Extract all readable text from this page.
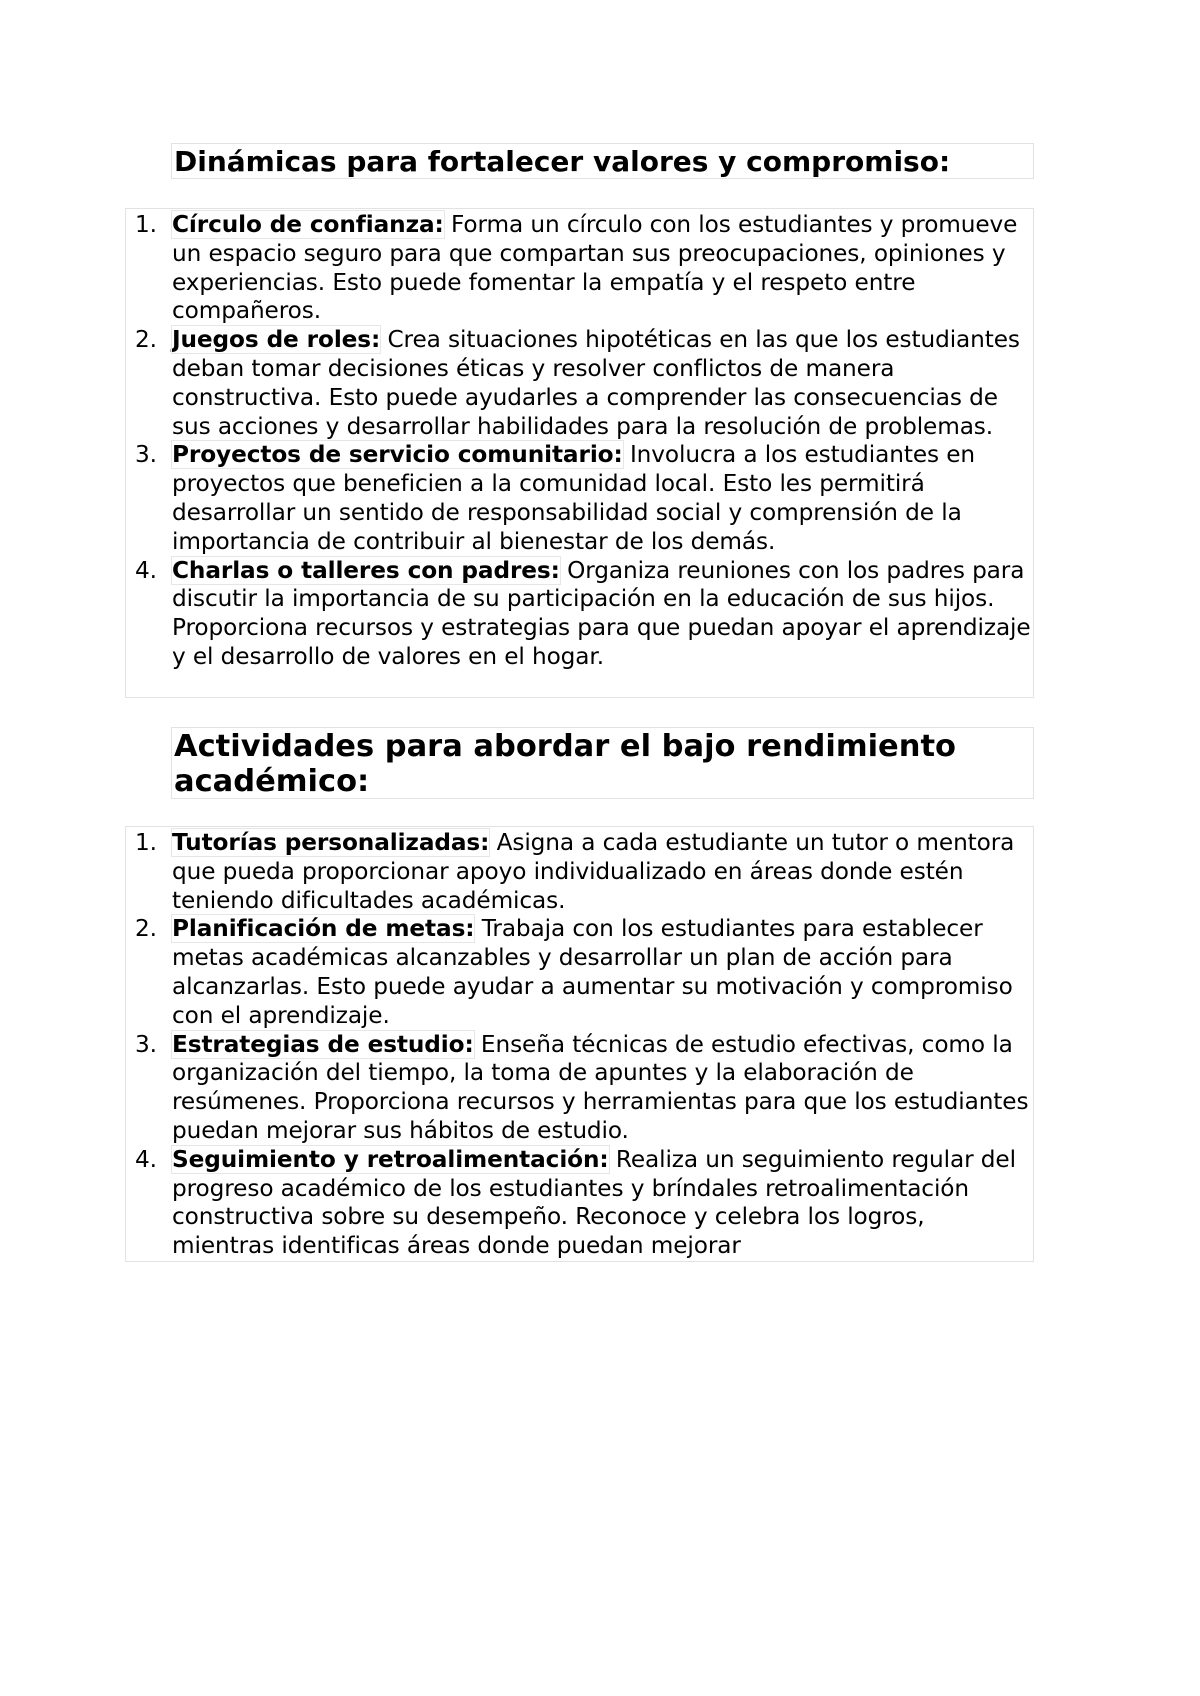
Dinámicas para fortalecer valores y compromiso:
1. Círculo de confianza: Forma un círculo con los estudiantes y promueve un espacio seguro para que compartan sus preocupaciones, opiniones y experiencias. Esto puede fomentar la empatía y el respeto entre compañeros.
2. Juegos de roles: Crea situaciones hipotéticas en las que los estudiantes deban tomar decisiones éticas y resolver conflictos de manera constructiva. Esto puede ayudarles a comprender las consecuencias de sus acciones y desarrollar habilidades para la resolución de problemas.
3. Proyectos de servicio comunitario: Involucra a los estudiantes en proyectos que beneficien a la comunidad local. Esto les permitirá desarrollar un sentido de responsabilidad social y comprensión de la importancia de contribuir al bienestar de los demás.
4. Charlas o talleres con padres: Organiza reuniones con los padres para discutir la importancia de su participación en la educación de sus hijos. Proporciona recursos y estrategias para que puedan apoyar el aprendizaje y el desarrollo de valores en el hogar.
Actividades para abordar el bajo rendimiento académico:
1. Tutorías personalizadas: Asigna a cada estudiante un tutor o mentora que pueda proporcionar apoyo individualizado en áreas donde estén teniendo dificultades académicas.
2. Planificación de metas: Trabaja con los estudiantes para establecer metas académicas alcanzables y desarrollar un plan de acción para alcanzarlas. Esto puede ayudar a aumentar su motivación y compromiso con el aprendizaje.
3. Estrategias de estudio: Enseña técnicas de estudio efectivas, como la organización del tiempo, la toma de apuntes y la elaboración de resúmenes. Proporciona recursos y herramientas para que los estudiantes puedan mejorar sus hábitos de estudio.
4. Seguimiento y retroalimentación: Realiza un seguimiento regular del progreso académico de los estudiantes y bríndales retroalimentación constructiva sobre su desempeño. Reconoce y celebra los logros, mientras identificas áreas donde puedan mejorar
